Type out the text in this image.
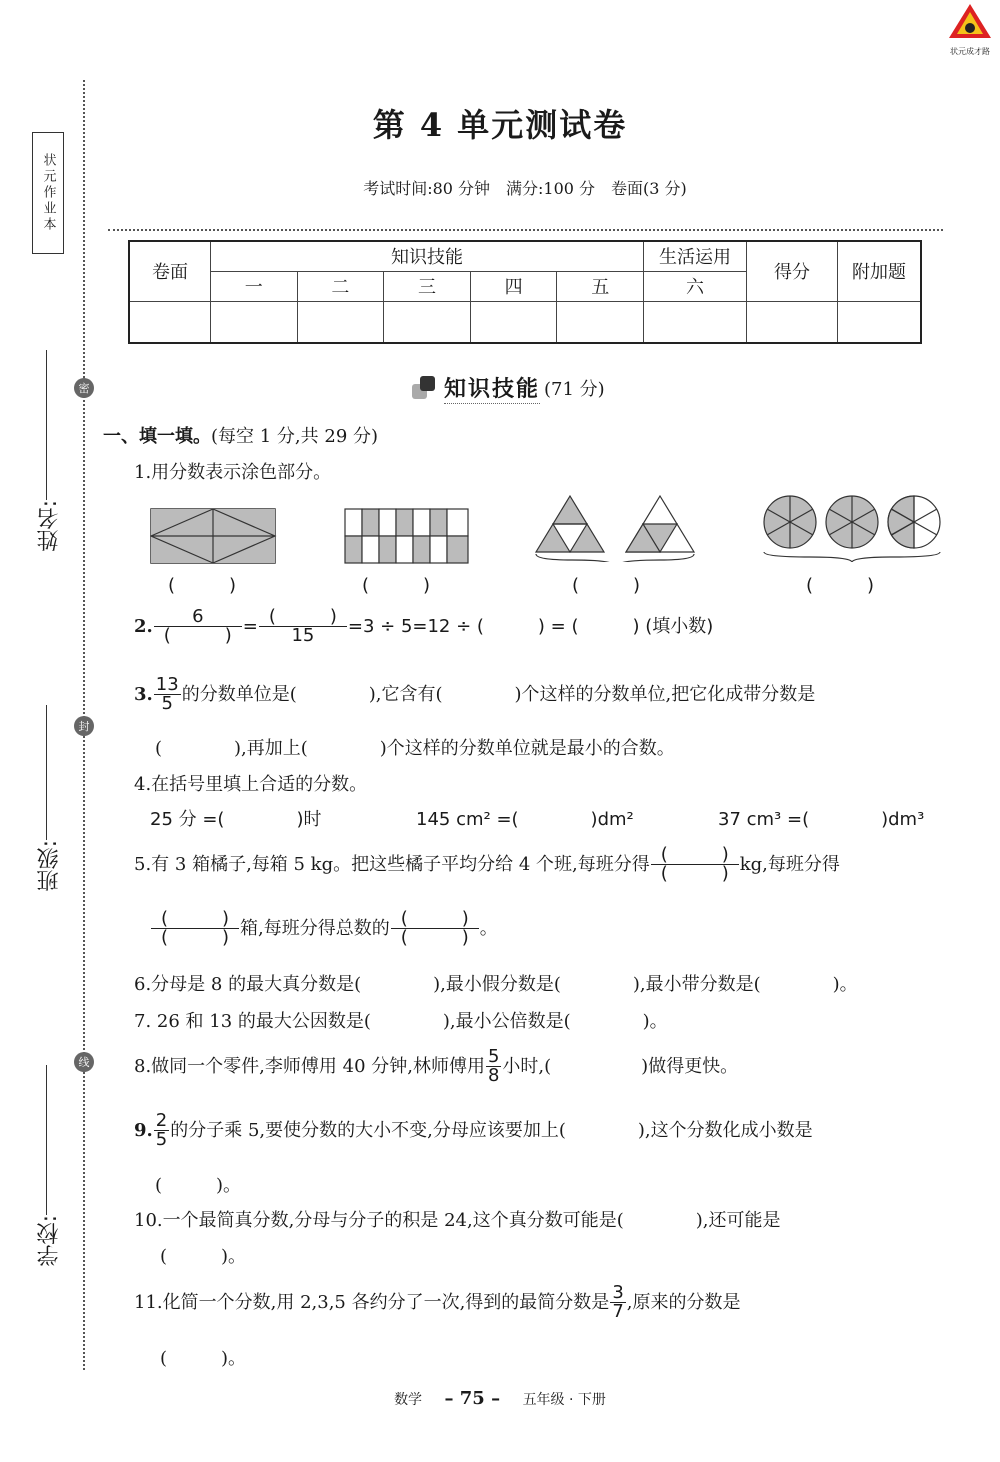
状元成才路
状元作业本
密
封
线
姓名:
班级:
学校:
第 4 单元测试卷
考试时间:80 分钟　满分:100 分　卷面(3 分)
卷面	知识技能					生活运用	得分	附加题
	一	二	三	四	五	六		

知识技能 (71 分)
一、填一填。(每空 1 分,共 29 分)
1.用分数表示涂色部分。
(　　　)	(　　　)	(　　　)	(　　　)
2. $\frac{6}{( )} = \frac{( )}{15} =3 \div 5=12$ ÷ (　　　) = (　　　) (填小数)
3. $\frac{13}{5}$ 的分数单位是(　　　　),它含有(　　　　)个这样的分数单位,把它化成带分数是
(　　　　),再加上(　　　　)个这样的分数单位就是最小的合数。
4.在括号里填上合适的分数。
25 分 =(　　　　)时	145 cm² =(　　　　)dm²	37 cm³ =(　　　　)dm³
5.有 3 箱橘子,每箱 5 kg。把这些橘子平均分给 4 个班,每班分得 $\frac{( )}{( )}$ kg,每班分得
$\frac{( )}{( )}$ 箱,每班分得总数的 $\frac{( )}{( )}$ 。
6.分母是 8 的最大真分数是(　　　　),最小假分数是(　　　　),最小带分数是(　　　　)。
7. 26 和 13 的最大公因数是(　　　　),最小公倍数是(　　　　)。
8.做同一个零件,李师傅用 40 分钟,林师傅用 $\frac{5}{8}$ 小时,(　　　　　)做得更快。
9. $\frac{2}{5}$ 的分子乘 5,要使分数的大小不变,分母应该要加上(　　　　),这个分数化成小数是
(　　　)。
10.一个最简真分数,分母与分子的积是 24,这个真分数可能是(　　　　),还可能是
(　　　)。
11.化简一个分数,用 2,3,5 各约分了一次,得到的最简分数是 $\frac{3}{7}$ ,原来的分数是
(　　　)。
数学 – 75 – 五年级 · 下册
